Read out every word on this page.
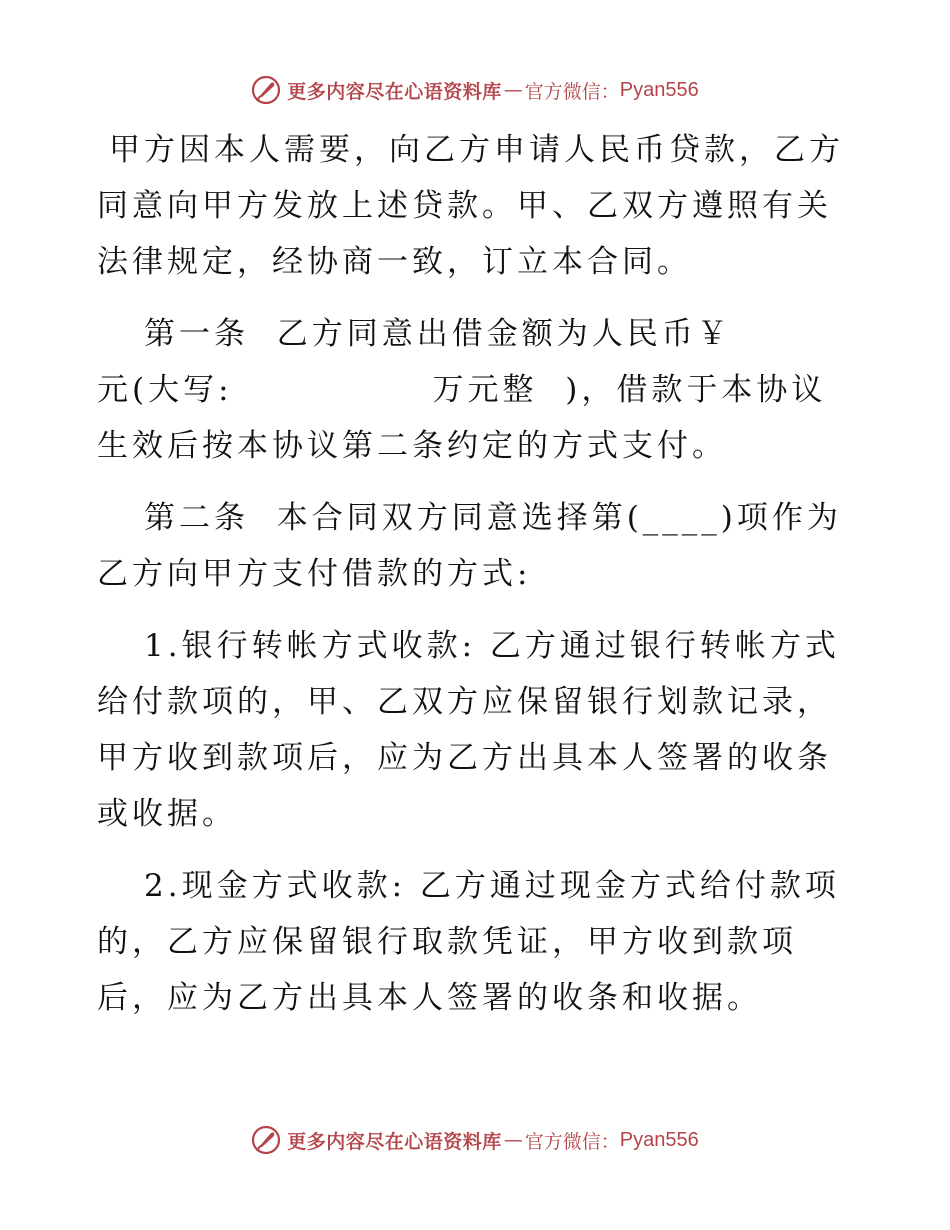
更多内容尽在心语资料库 — 官方微信： Pyan556

甲方因本人需要，向乙方申请人民币贷款，乙方同意向甲方发放上述贷款。甲、乙双方遵照有关法律规定，经协商一致，订立本合同。

第一条  乙方同意出借金额为人民币￥

元(大写:	万元整  )，借款于本协议生效后按本协议第二条约定的方式支付。

第二条  本合同双方同意选择第(____)项作为乙方向甲方支付借款的方式:

1.银行转帐方式收款: 乙方通过银行转帐方式给付款项的，甲、乙双方应保留银行划款记录，甲方收到款项后，应为乙方出具本人签署的收条或收据。

2.现金方式收款: 乙方通过现金方式给付款项的，乙方应保留银行取款凭证，甲方收到款项后，应为乙方出具本人签署的收条和收据。

更多内容尽在心语资料库 — 官方微信： Pyan556
